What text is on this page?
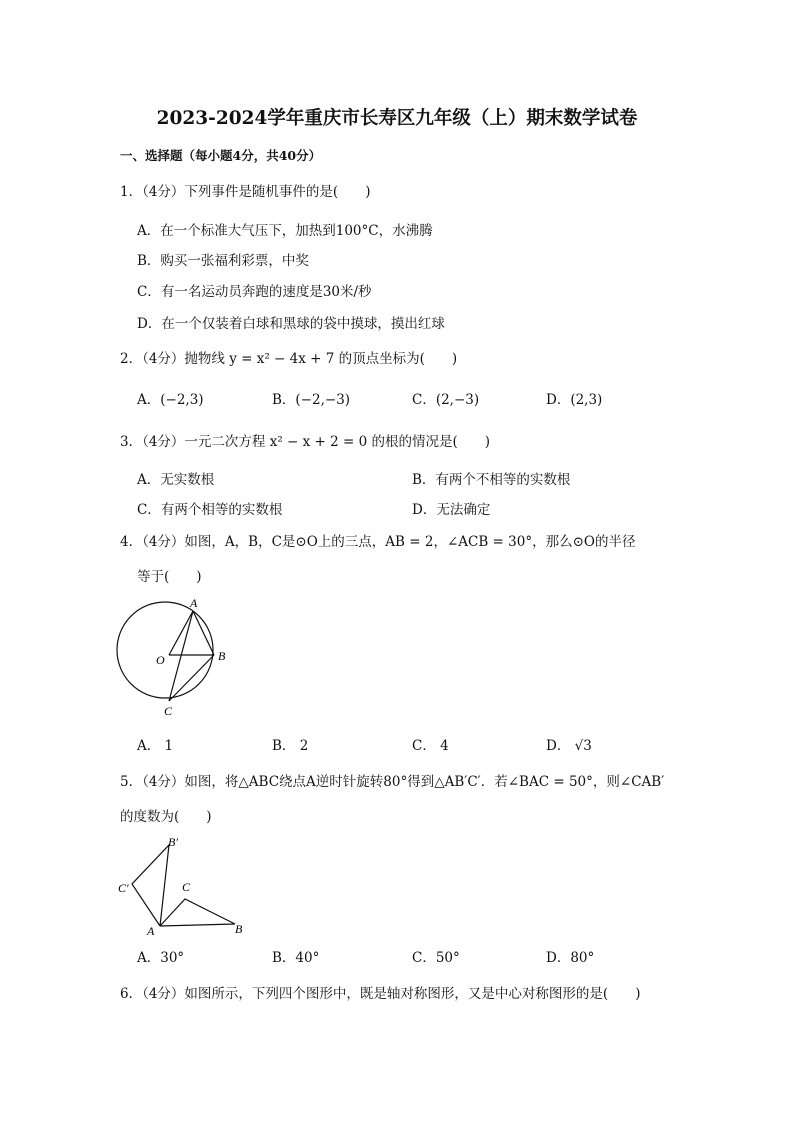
2023-2024学年重庆市长寿区九年级（上）期末数学试卷
一、选择题（每小题4分，共40分）
1．（4分）下列事件是随机事件的是(　　)
A．在一个标准大气压下，加热到100°C，水沸腾
B．购买一张福利彩票，中奖
C．有一名运动员奔跑的速度是30米/秒
D．在一个仅装着白球和黑球的袋中摸球，摸出红球
2．（4分）抛物线 y = x² − 4x + 7 的顶点坐标为(　　)
A．(−2,3)	B．(−2,−3)	C．(2,−3)	D．(2,3)
3．（4分）一元二次方程 x² − x + 2 = 0 的根的情况是(　　)
A．无实数根	B．有两个不相等的实数根
C．有两个相等的实数根	D．无法确定
4．（4分）如图，A，B，C是⊙O上的三点，AB = 2，∠ACB = 30°，那么⊙O的半径
等于(　　)
A
B
C
O
A． 1	B． 2	C． 4	D． √3
5．（4分）如图，将△ABC绕点A逆时针旋转80°得到△AB′C′．若∠BAC = 50°，则∠CAB′
的度数为(　　)
B′
C′	C
B
A
A．30°	B．40°	C．50°	D．80°
6．（4分）如图所示，下列四个图形中，既是轴对称图形，又是中心对称图形的是(　　)
